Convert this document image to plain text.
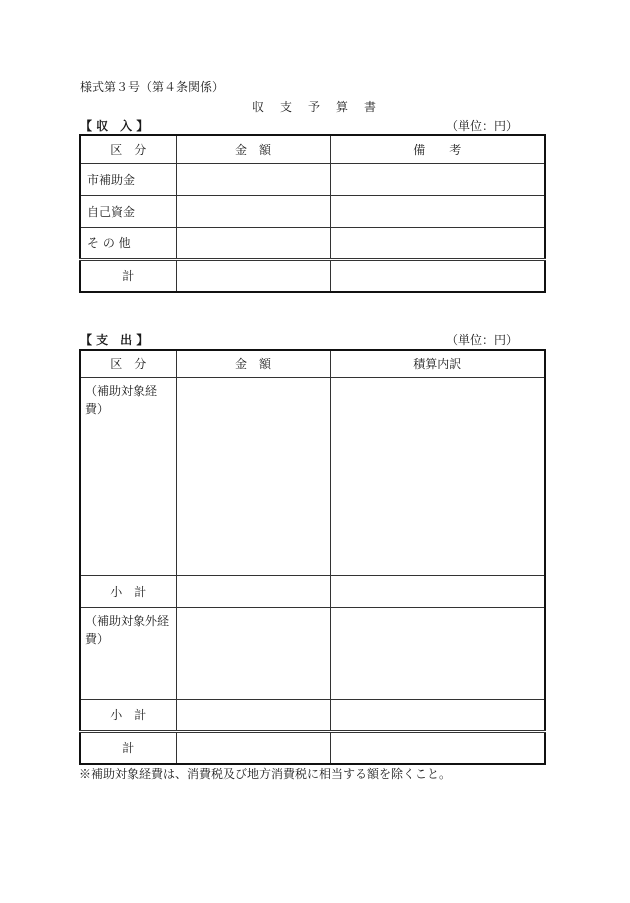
様式第３号（第４条関係）
収　支　予　算　書
【 収　入 】	（単位：円）
区　分	金　額	備　　考
市補助金		
自己資金		
そ の 他		
計		
【 支　出 】	（単位：円）
区　分	金　額	積算内訳
（補助対象経費）		
小　計		
（補助対象外経費）		
小　計		
計		
※補助対象経費は、消費税及び地方消費税に相当する額を除くこと。
